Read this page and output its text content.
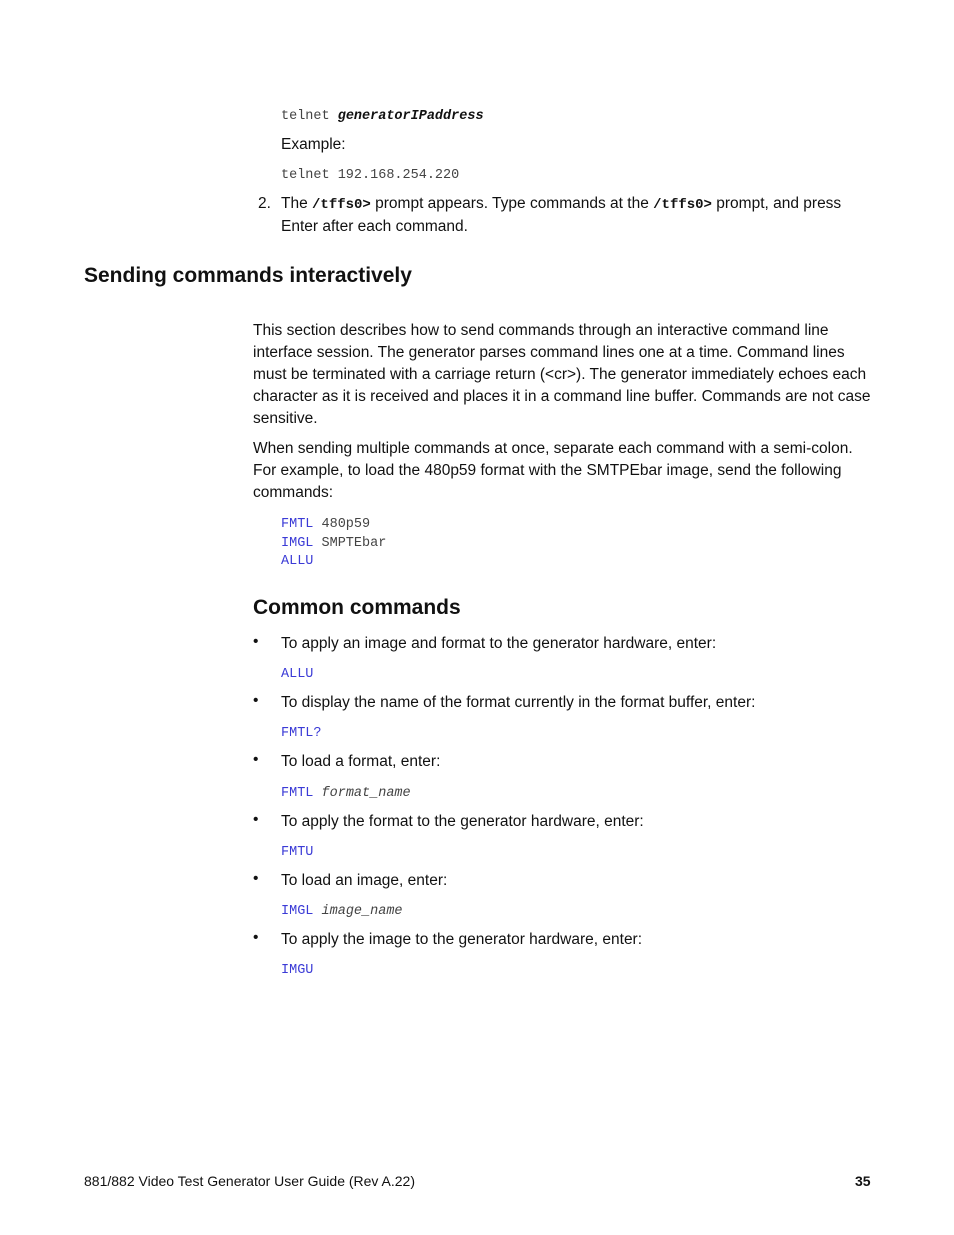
telnet generatorIPaddress
Example:
telnet 192.168.254.220
2. The /tffs0> prompt appears. Type commands at the /tffs0> prompt, and press
Enter after each command.
Sending commands interactively
This section describes how to send commands through an interactive command line interface session. The generator parses command lines one at a time. Command lines must be terminated with a carriage return (<cr>). The generator immediately echoes each character as it is received and places it in a command line buffer. Commands are not case sensitive.
When sending multiple commands at once, separate each command with a semi-colon. For example, to load the 480p59 format with the SMTPEbar image, send the following commands:
FMTL 480p59
IMGL SMPTEbar
ALLU
Common commands
• To apply an image and format to the generator hardware, enter:
ALLU
• To display the name of the format currently in the format buffer, enter:
FMTL?
• To load a format, enter:
FMTL format_name
• To apply the format to the generator hardware, enter:
FMTU
• To load an image, enter:
IMGL image_name
• To apply the image to the generator hardware, enter:
IMGU
881/882 Video Test Generator User Guide (Rev A.22)	35
